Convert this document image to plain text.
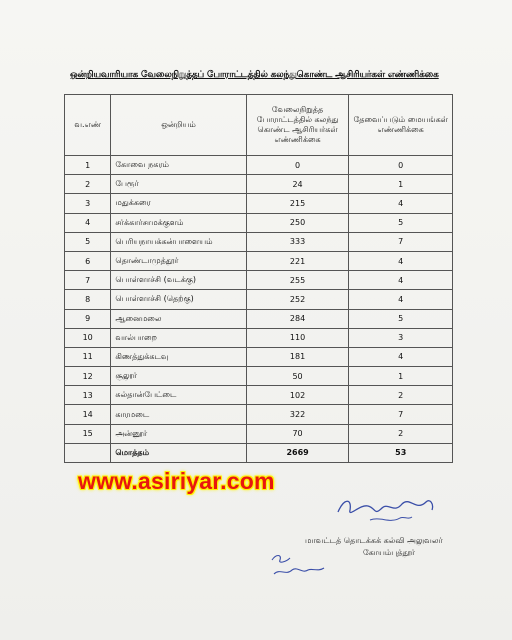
ஒன்றியவாரியாக வேலைநிறுத்தப் போராட்டத்தில் கலந்துகொண்ட ஆசிரியர்கள் எண்ணிக்கை
வ.எண்	ஒன்றியம்	வேலைநிறுத்த போராட்டத்தில் கலந்து கொண்ட ஆசிரியர்கள் எண்ணிக்கை	தேவைப்படும் மையங்கள் எண்ணிக்கை
1	கோவை நகரம்	0	0
2	பேரூர்	24	1
3	மதுக்கரை	215	4
4	சர்க்கார்சாமக்குளம்	250	5
5	பெரியநாயக்கன்பாளையம்	333	7
6	தொண்டாமுத்தூர்	221	4
7	பொள்ளாச்சி (வடக்கு)	255	4
8	பொள்ளாச்சி (தெற்கு)	252	4
9	ஆனைமலை	284	5
10	வால்பாறை	110	3
11	கிணத்துக்கடவு	181	4
12	சூலூர்	50	1
13	சுல்தான்பேட்டை	102	2
14	காரமடை	322	7
15	அன்னூர்	70	2
	மொத்தம்	2669	53
www.asiriyar.com
மாவட்டத் தொடக்கக் கல்வி அலுவலர்
கோயம்புத்தூர்
